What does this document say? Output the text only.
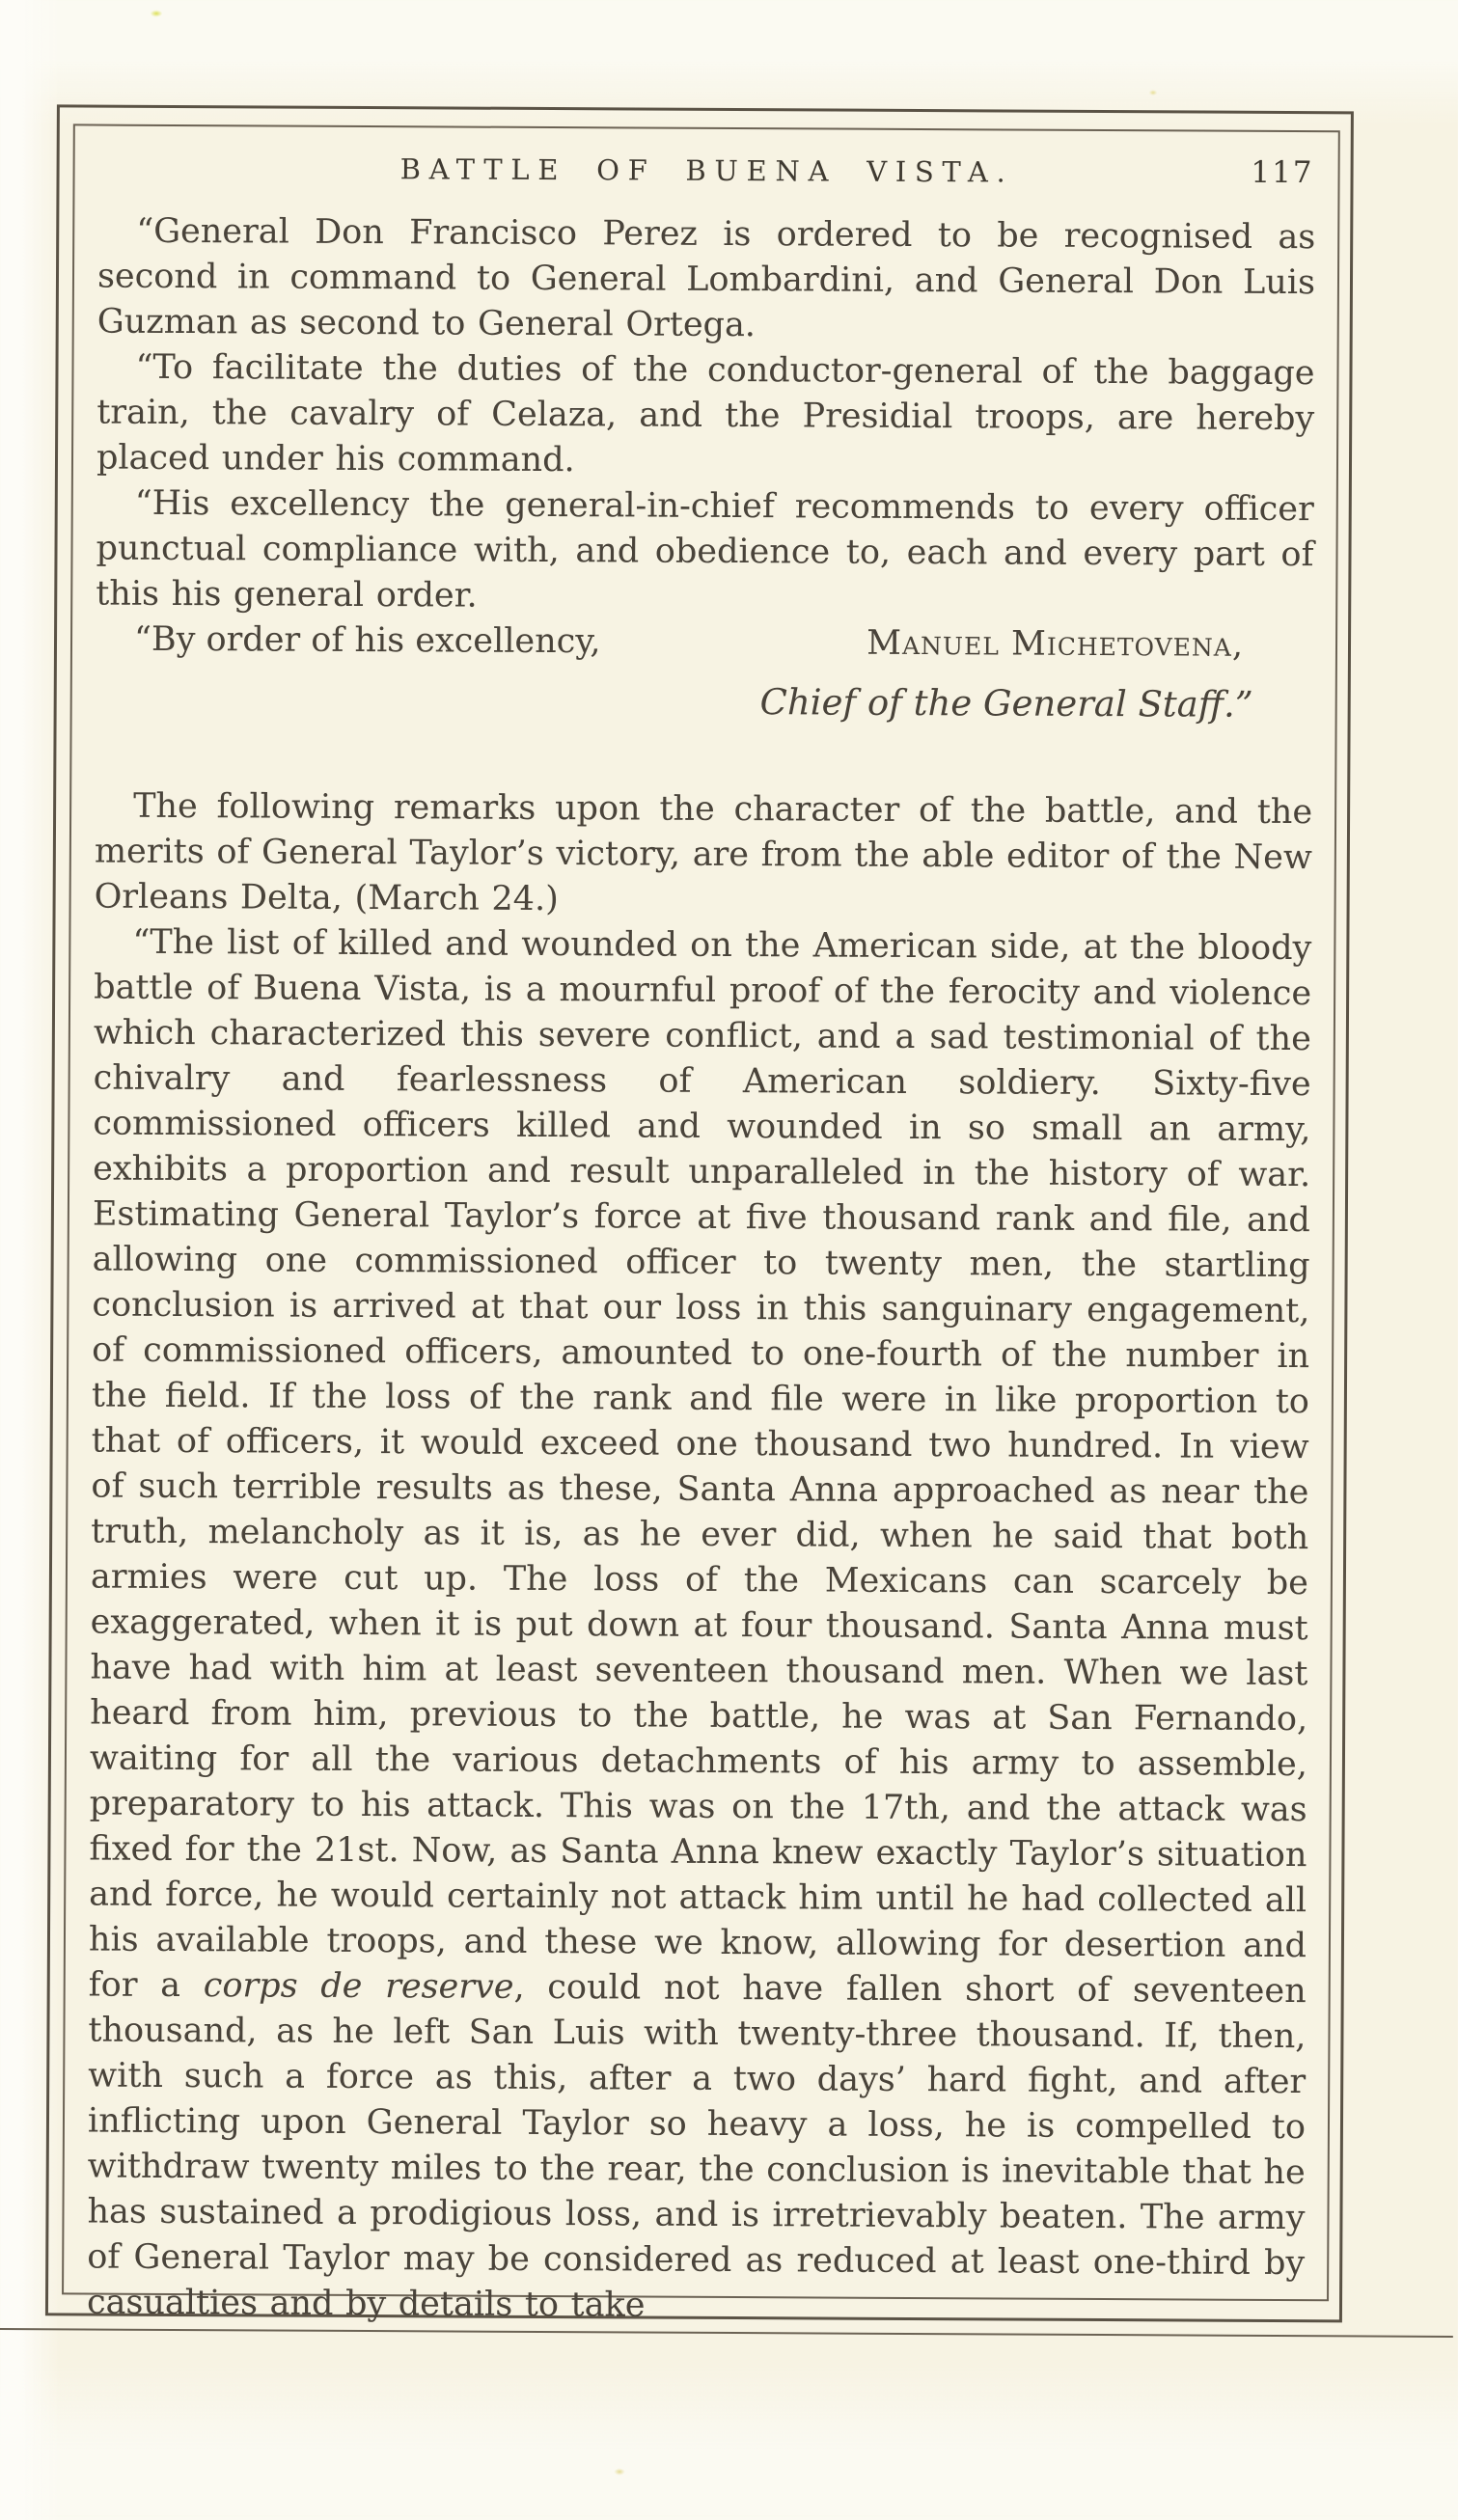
BATTLE OF BUENA VISTA.	117

“General Don Francisco Perez is ordered to be recognised as second in command to General Lombardini, and General Don Luis Guzman as second to General Ortega.

“To facilitate the duties of the conductor-general of the baggage train, the cavalry of Celaza, and the Presidial troops, are hereby placed under his command.

“His excellency the general-in-chief recommends to every officer punctual compliance with, and obedience to, each and every part of this his general order.

“By order of his excellency,	Manuel Michetovena,
Chief of the General Staff.”

The following remarks upon the character of the battle, and the merits of General Taylor’s victory, are from the able editor of the New Orleans Delta, (March 24.)

“The list of killed and wounded on the American side, at the bloody battle of Buena Vista, is a mournful proof of the ferocity and violence which characterized this severe conflict, and a sad testimonial of the chivalry and fearlessness of American soldiery. Sixty-five commissioned officers killed and wounded in so small an army, exhibits a proportion and result unparalleled in the history of war. Estimating General Taylor’s force at five thousand rank and file, and allowing one commissioned officer to twenty men, the startling conclusion is arrived at that our loss in this sanguinary engagement, of commissioned officers, amounted to one-fourth of the number in the field. If the loss of the rank and file were in like proportion to that of officers, it would exceed one thousand two hundred. In view of such terrible results as these, Santa Anna approached as near the truth, melancholy as it is, as he ever did, when he said that both armies were cut up. The loss of the Mexicans can scarcely be exaggerated, when it is put down at four thousand. Santa Anna must have had with him at least seventeen thousand men. When we last heard from him, previous to the battle, he was at San Fernando, waiting for all the various detachments of his army to assemble, preparatory to his attack. This was on the 17th, and the attack was fixed for the 21st. Now, as Santa Anna knew exactly Taylor’s situation and force, he would certainly not attack him until he had collected all his available troops, and these we know, allowing for desertion and for a corps de reserve, could not have fallen short of seventeen thousand, as he left San Luis with twenty-three thousand. If, then, with such a force as this, after a two days’ hard fight, and after inflicting upon General Taylor so heavy a loss, he is compelled to withdraw twenty miles to the rear, the conclusion is inevitable that he has sustained a prodigious loss, and is irretrievably beaten. The army of General Taylor may be considered as reduced at least one-third by casualties and by details to take
